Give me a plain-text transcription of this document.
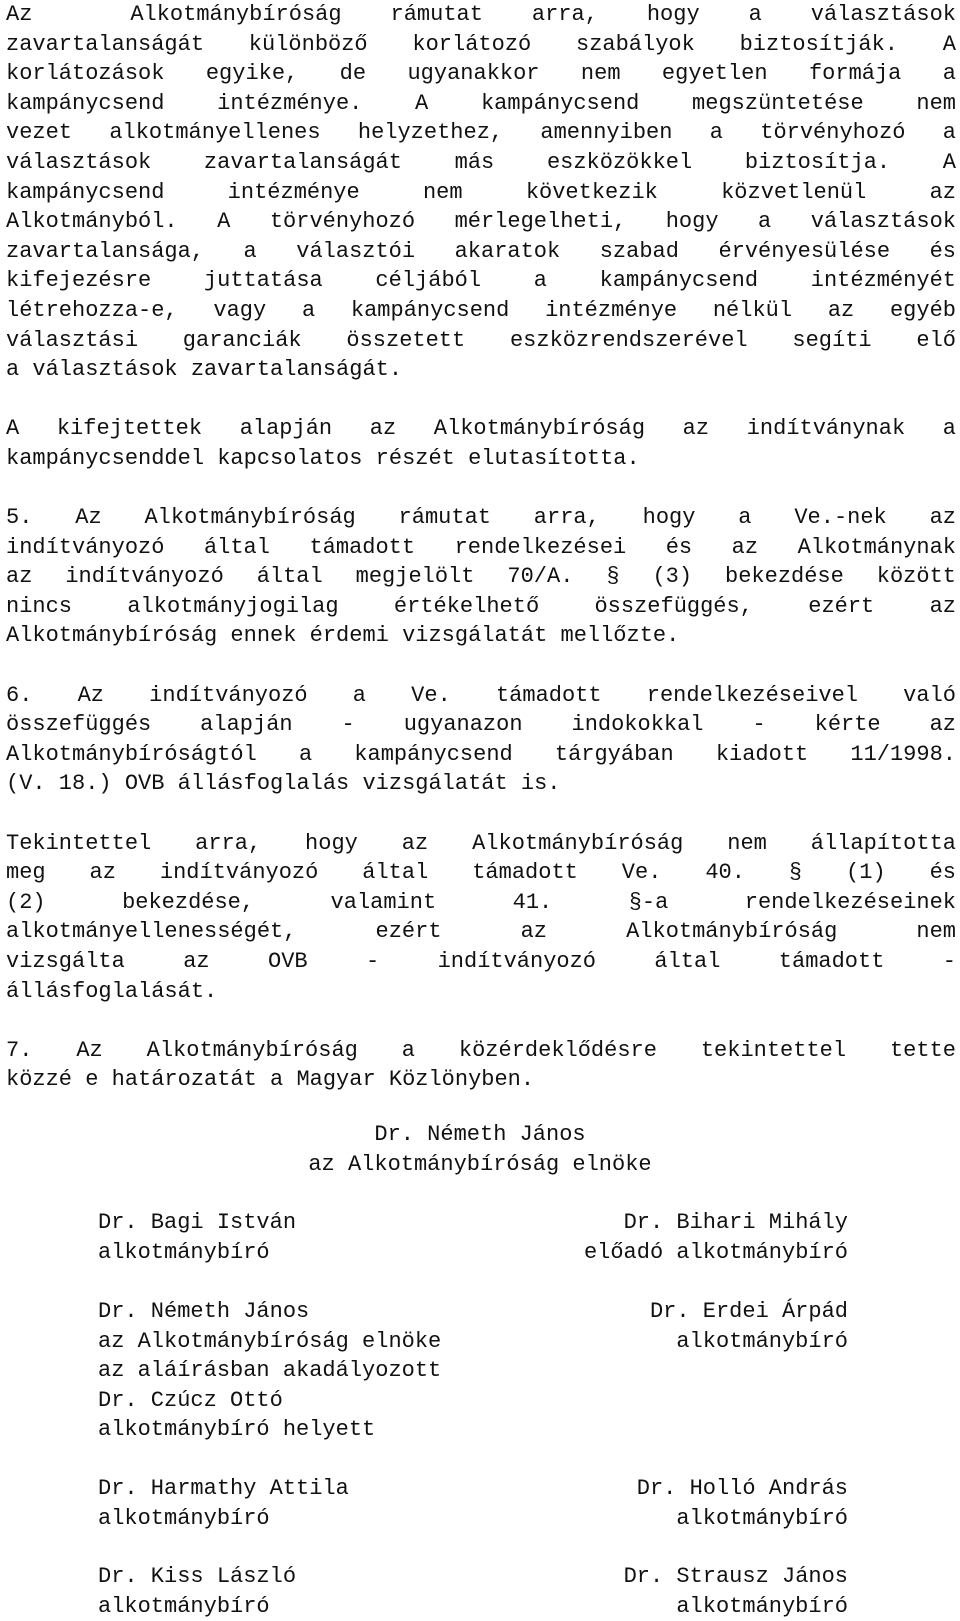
Az  Alkotmánybíróság rámutat arra, hogy a választások
zavartalanságát különböző korlátozó szabályok biztosítják. A
korlátozások egyike, de ugyanakkor nem egyetlen formája a
kampánycsend intézménye. A kampánycsend megszüntetése nem
vezet alkotmányellenes helyzethez, amennyiben a törvényhozó a
választások zavartalanságát más eszközökkel biztosítja. A
kampánycsend intézménye nem következik közvetlenül az
Alkotmányból. A törvényhozó mérlegelheti, hogy a választások
zavartalansága, a választói akaratok szabad érvényesülése és
kifejezésre juttatása céljából a kampánycsend intézményét
létrehozza-e, vagy a kampánycsend intézménye nélkül az egyéb
választási garanciák összetett eszközrendszerével segíti elő
a választások zavartalanságát.
A kifejtettek alapján az Alkotmánybíróság az indítványnak a
kampánycsenddel kapcsolatos részét elutasította.
5. Az Alkotmánybíróság rámutat arra, hogy a Ve.-nek az
indítványozó által támadott rendelkezései és az Alkotmánynak
az indítványozó által megjelölt 70/A. § (3) bekezdése között
nincs alkotmányjogilag értékelhető összefüggés, ezért az
Alkotmánybíróság ennek érdemi vizsgálatát mellőzte.
6. Az indítványozó a Ve. támadott rendelkezéseivel való
összefüggés alapján - ugyanazon indokokkal - kérte az
Alkotmánybíróságtól a kampánycsend tárgyában kiadott 11/1998.
(V. 18.) OVB állásfoglalás vizsgálatát is.
Tekintettel arra, hogy az Alkotmánybíróság nem állapította
meg az indítványozó által támadott Ve. 40. § (1) és
(2) bekezdése, valamint 41. §-a rendelkezéseinek
alkotmányellenességét, ezért az Alkotmánybíróság nem
vizsgálta az OVB - indítványozó által támadott -
állásfoglalását.
7. Az Alkotmánybíróság a közérdeklődésre tekintettel tette
közzé e határozatát a Magyar Közlönyben.
Dr. Németh János
az Alkotmánybíróság elnöke
Dr. Bagi István
alkotmánybíró
Dr. Németh János
az Alkotmánybíróság elnöke
az aláírásban akadályozott
Dr. Czúcz Ottó
alkotmánybíró helyett
Dr. Harmathy Attila
alkotmánybíró
Dr. Kiss László
alkotmánybíró
Dr. Bihari Mihály
előadó alkotmánybíró
Dr. Erdei Árpád
alkotmánybíró
Dr. Holló András
alkotmánybíró
Dr. Strausz János
alkotmánybíró
